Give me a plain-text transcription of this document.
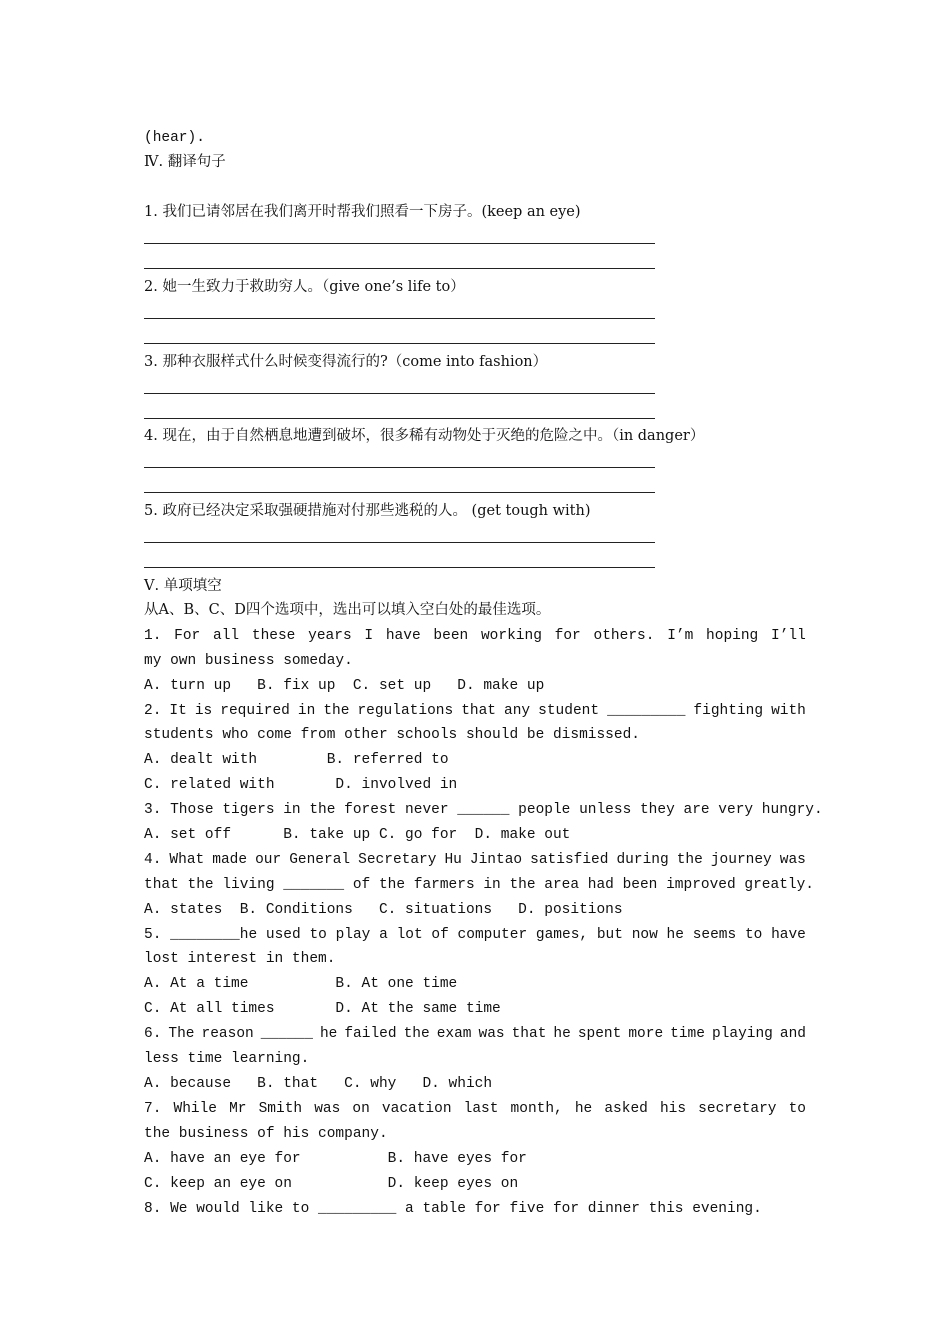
(hear).
Ⅳ. 翻译句子
1. 我们已请邻居在我们离开时帮我们照看一下房子。(keep an eye)
2. 她一生致力于救助穷人。（give one’s life to）
3. 那种衣服样式什么时候变得流行的?（come into fashion）
4. 现在，由于自然栖息地遭到破坏，很多稀有动物处于灭绝的危险之中。（in danger）
5. 政府已经决定采取强硬措施对付那些逃税的人。 (get tough with)
Ⅴ. 单项填空
从A、B、C、D四个选项中，选出可以填入空白处的最佳选项。
1. For all these years I have been working for others. I’m hoping I’ll
my own business someday.
A. turn up   B. fix up  C. set up   D. make up
2. It is required in the regulations that any student _________ fighting with
students who come from other schools should be dismissed.
A. dealt with        B. referred to
C. related with       D. involved in
3. Those tigers in the forest never ______ people unless they are very hungry.
A. set off      B. take up C. go for  D. make out
4. What made our General Secretary Hu Jintao satisfied during the journey was
that the living _______ of the farmers in the area had been improved greatly.
A. states  B. Conditions   C. situations   D. positions
5. ________he used to play a lot of computer games, but now he seems to have
lost interest in them.
A. At a time          B. At one time
C. At all times       D. At the same time
6. The reason ______ he failed the exam was that he spent more time playing and
less time learning.
A. because   B. that   C. why   D. which
7. While Mr Smith was on vacation last month, he asked his secretary to
the business of his company.
A. have an eye for          B. have eyes for
C. keep an eye on           D. keep eyes on
8. We would like to _________ a table for five for dinner this evening.
